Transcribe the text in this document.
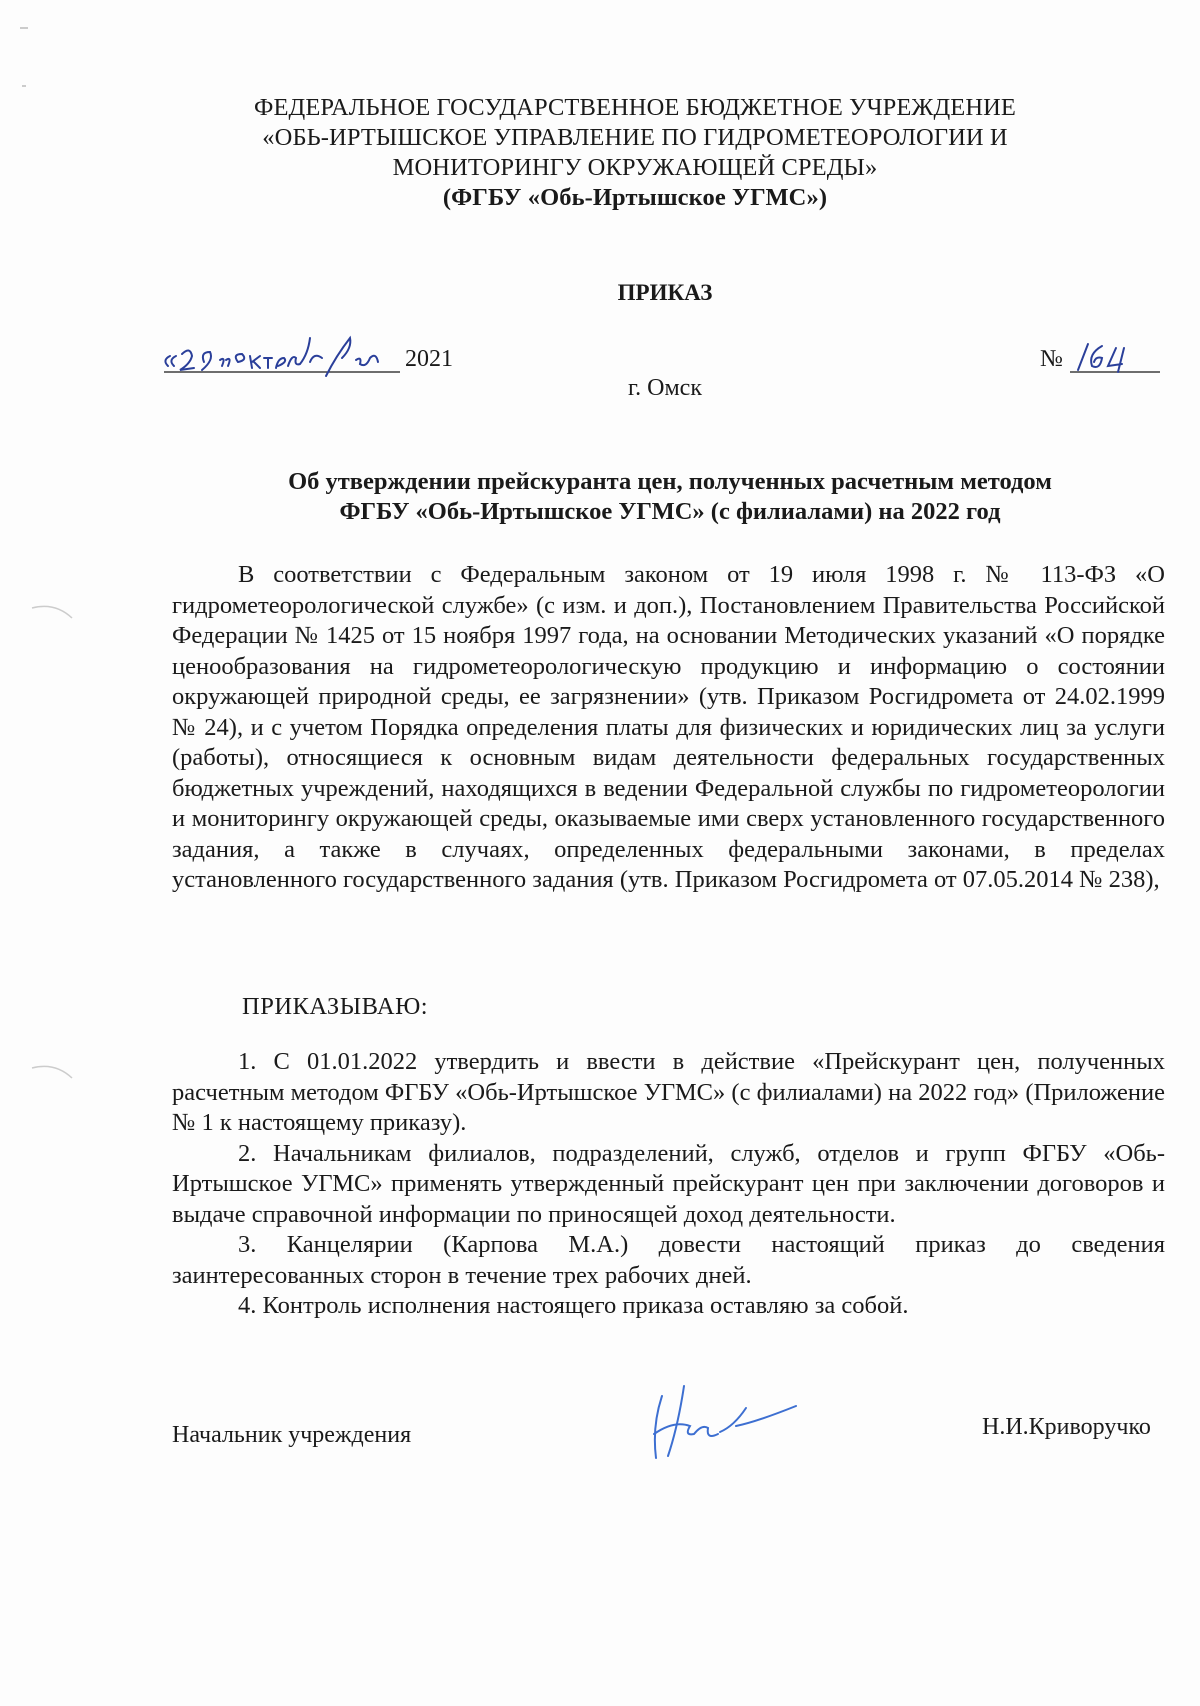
ФЕДЕРАЛЬНОЕ ГОСУДАРСТВЕННОЕ БЮДЖЕТНОЕ УЧРЕЖДЕНИЕ
«ОБЬ-ИРТЫШСКОЕ УПРАВЛЕНИЕ ПО ГИДРОМЕТЕОРОЛОГИИ И
МОНИТОРИНГУ ОКРУЖАЮЩЕЙ СРЕДЫ»
(ФГБУ «Обь-Иртышское УГМС»)
ПРИКАЗ
2021	№
г. Омск
Об утверждении прейскуранта цен, полученных расчетным методом
ФГБУ «Обь-Иртышское УГМС» (с филиалами) на 2022 год

В соответствии с Федеральным законом от 19 июля 1998 г. № 113-ФЗ «О гидрометеорологической службе» (с изм. и доп.), Постановлением Правительства Российской Федерации № 1425 от 15 ноября 1997 года, на основании Методических указаний «О порядке ценообразования на гидрометеорологическую продукцию и информацию о состоянии окружающей природной среды, ее загрязнении» (утв. Приказом Росгидромета от 24.02.1999 № 24), и с учетом Порядка определения платы для физических и юридических лиц за услуги (работы), относящиеся к основным видам деятельности федеральных государственных бюджетных учреждений, находящихся в ведении Федеральной службы по гидрометеорологии и мониторингу окружающей среды, оказываемые ими сверх установленного государственного задания, а также в случаях, определенных федеральными законами, в пределах установленного государственного задания (утв. Приказом Росгидромета от 07.05.2014 № 238),

ПРИКАЗЫВАЮ:

1. С 01.01.2022 утвердить и ввести в действие «Прейскурант цен, полученных расчетным методом ФГБУ «Обь-Иртышское УГМС» (с филиалами) на 2022 год» (Приложение № 1 к настоящему приказу).

2. Начальникам филиалов, подразделений, служб, отделов и групп ФГБУ «Обь-Иртышское УГМС» применять утвержденный прейскурант цен при заключении договоров и выдаче справочной информации по приносящей доход деятельности.

3. Канцелярии (Карпова М.А.) довести настоящий приказ до сведения заинтересованных сторон в течение трех рабочих дней.

4. Контроль исполнения настоящего приказа оставляю за собой.

Начальник учреждения	Н.И.Криворучко
